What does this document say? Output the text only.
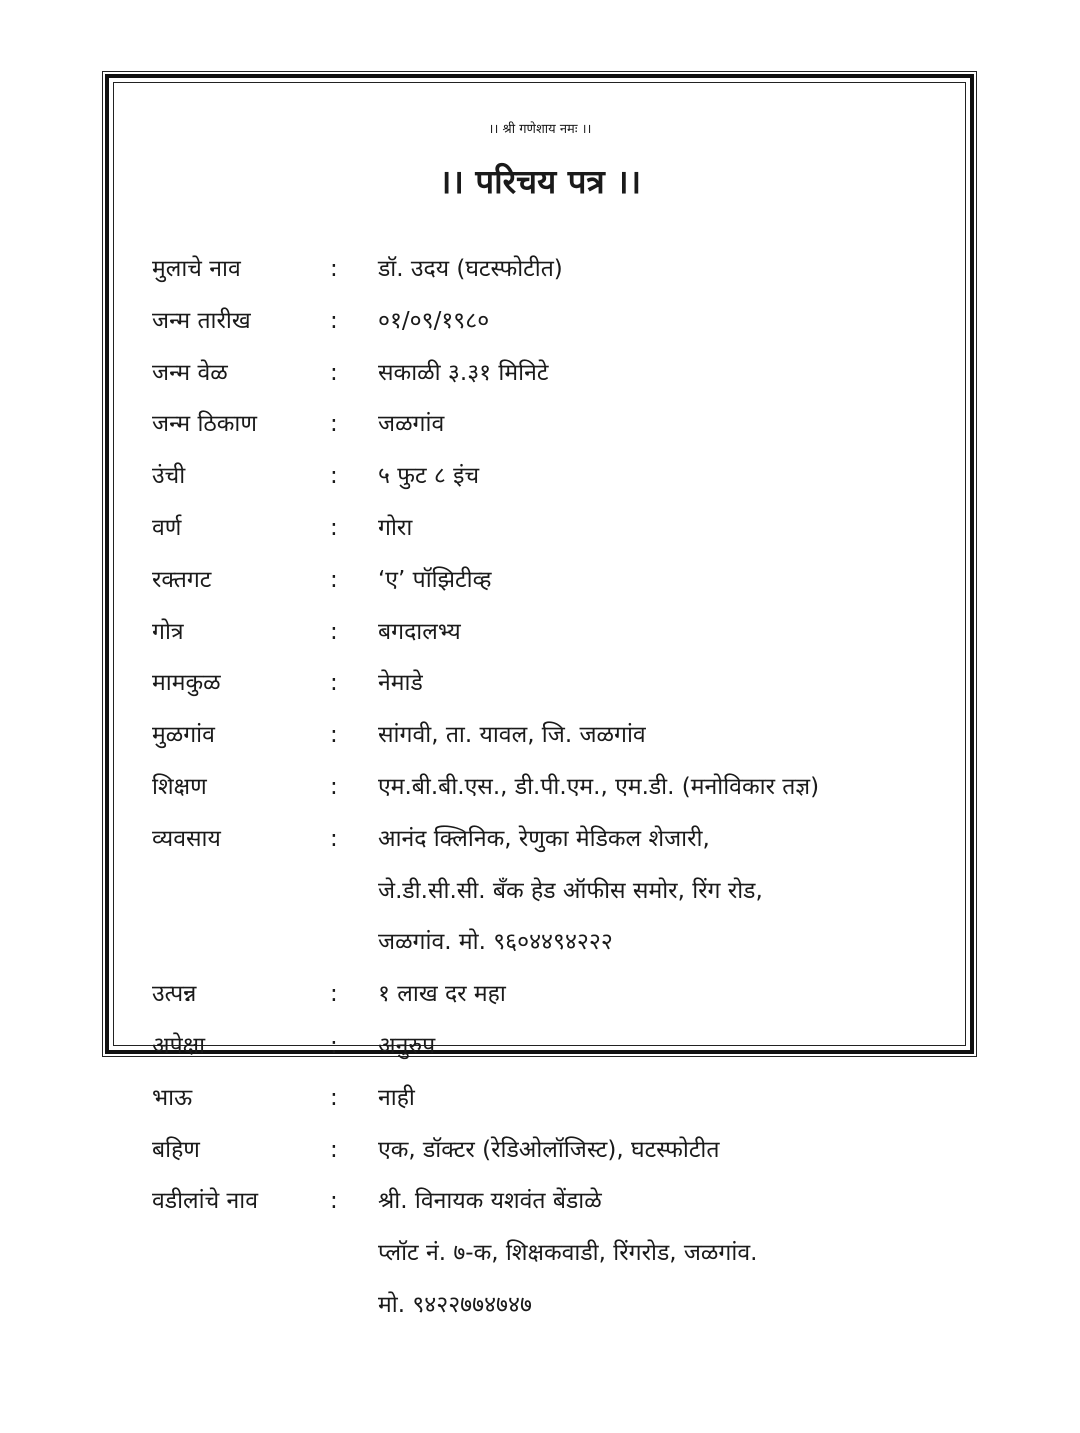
।। श्री गणेशाय नमः ।।
।। परिचय पत्र ।।
मुलाचे नाव	:	डॉ. उदय (घटस्फोटीत)
जन्म तारीख	:	०१/०९/१९८०
जन्म वेळ	:	सकाळी ३.३१ मिनिटे
जन्म ठिकाण	:	जळगांव
उंची	:	५ फुट ८ इंच
वर्ण	:	गोरा
रक्तगट	:	‘ए’ पॉझिटीव्ह
गोत्र	:	बगदालभ्य
मामकुळ	:	नेमाडे
मुळगांव	:	सांगवी, ता. यावल, जि. जळगांव
शिक्षण	:	एम.बी.बी.एस., डी.पी.एम., एम.डी. (मनोविकार तज्ञ)
व्यवसाय	:	आनंद क्लिनिक, रेणुका मेडिकल शेजारी,
जे.डी.सी.सी. बँक हेड ऑफीस समोर, रिंग रोड,
जळगांव. मो. ९६०४४९४२२२
उत्पन्न	:	१ लाख दर महा
अपेक्षा	:	अनुरुप
भाऊ	:	नाही
बहिण	:	एक, डॉक्टर (रेडिओलॉजिस्ट), घटस्फोटीत
वडीलांचे नाव	:	श्री. विनायक यशवंत बेंडाळे
प्लॉट नं. ७-क, शिक्षकवाडी, रिंगरोड, जळगांव.
मो. ९४२२७७४७४७
